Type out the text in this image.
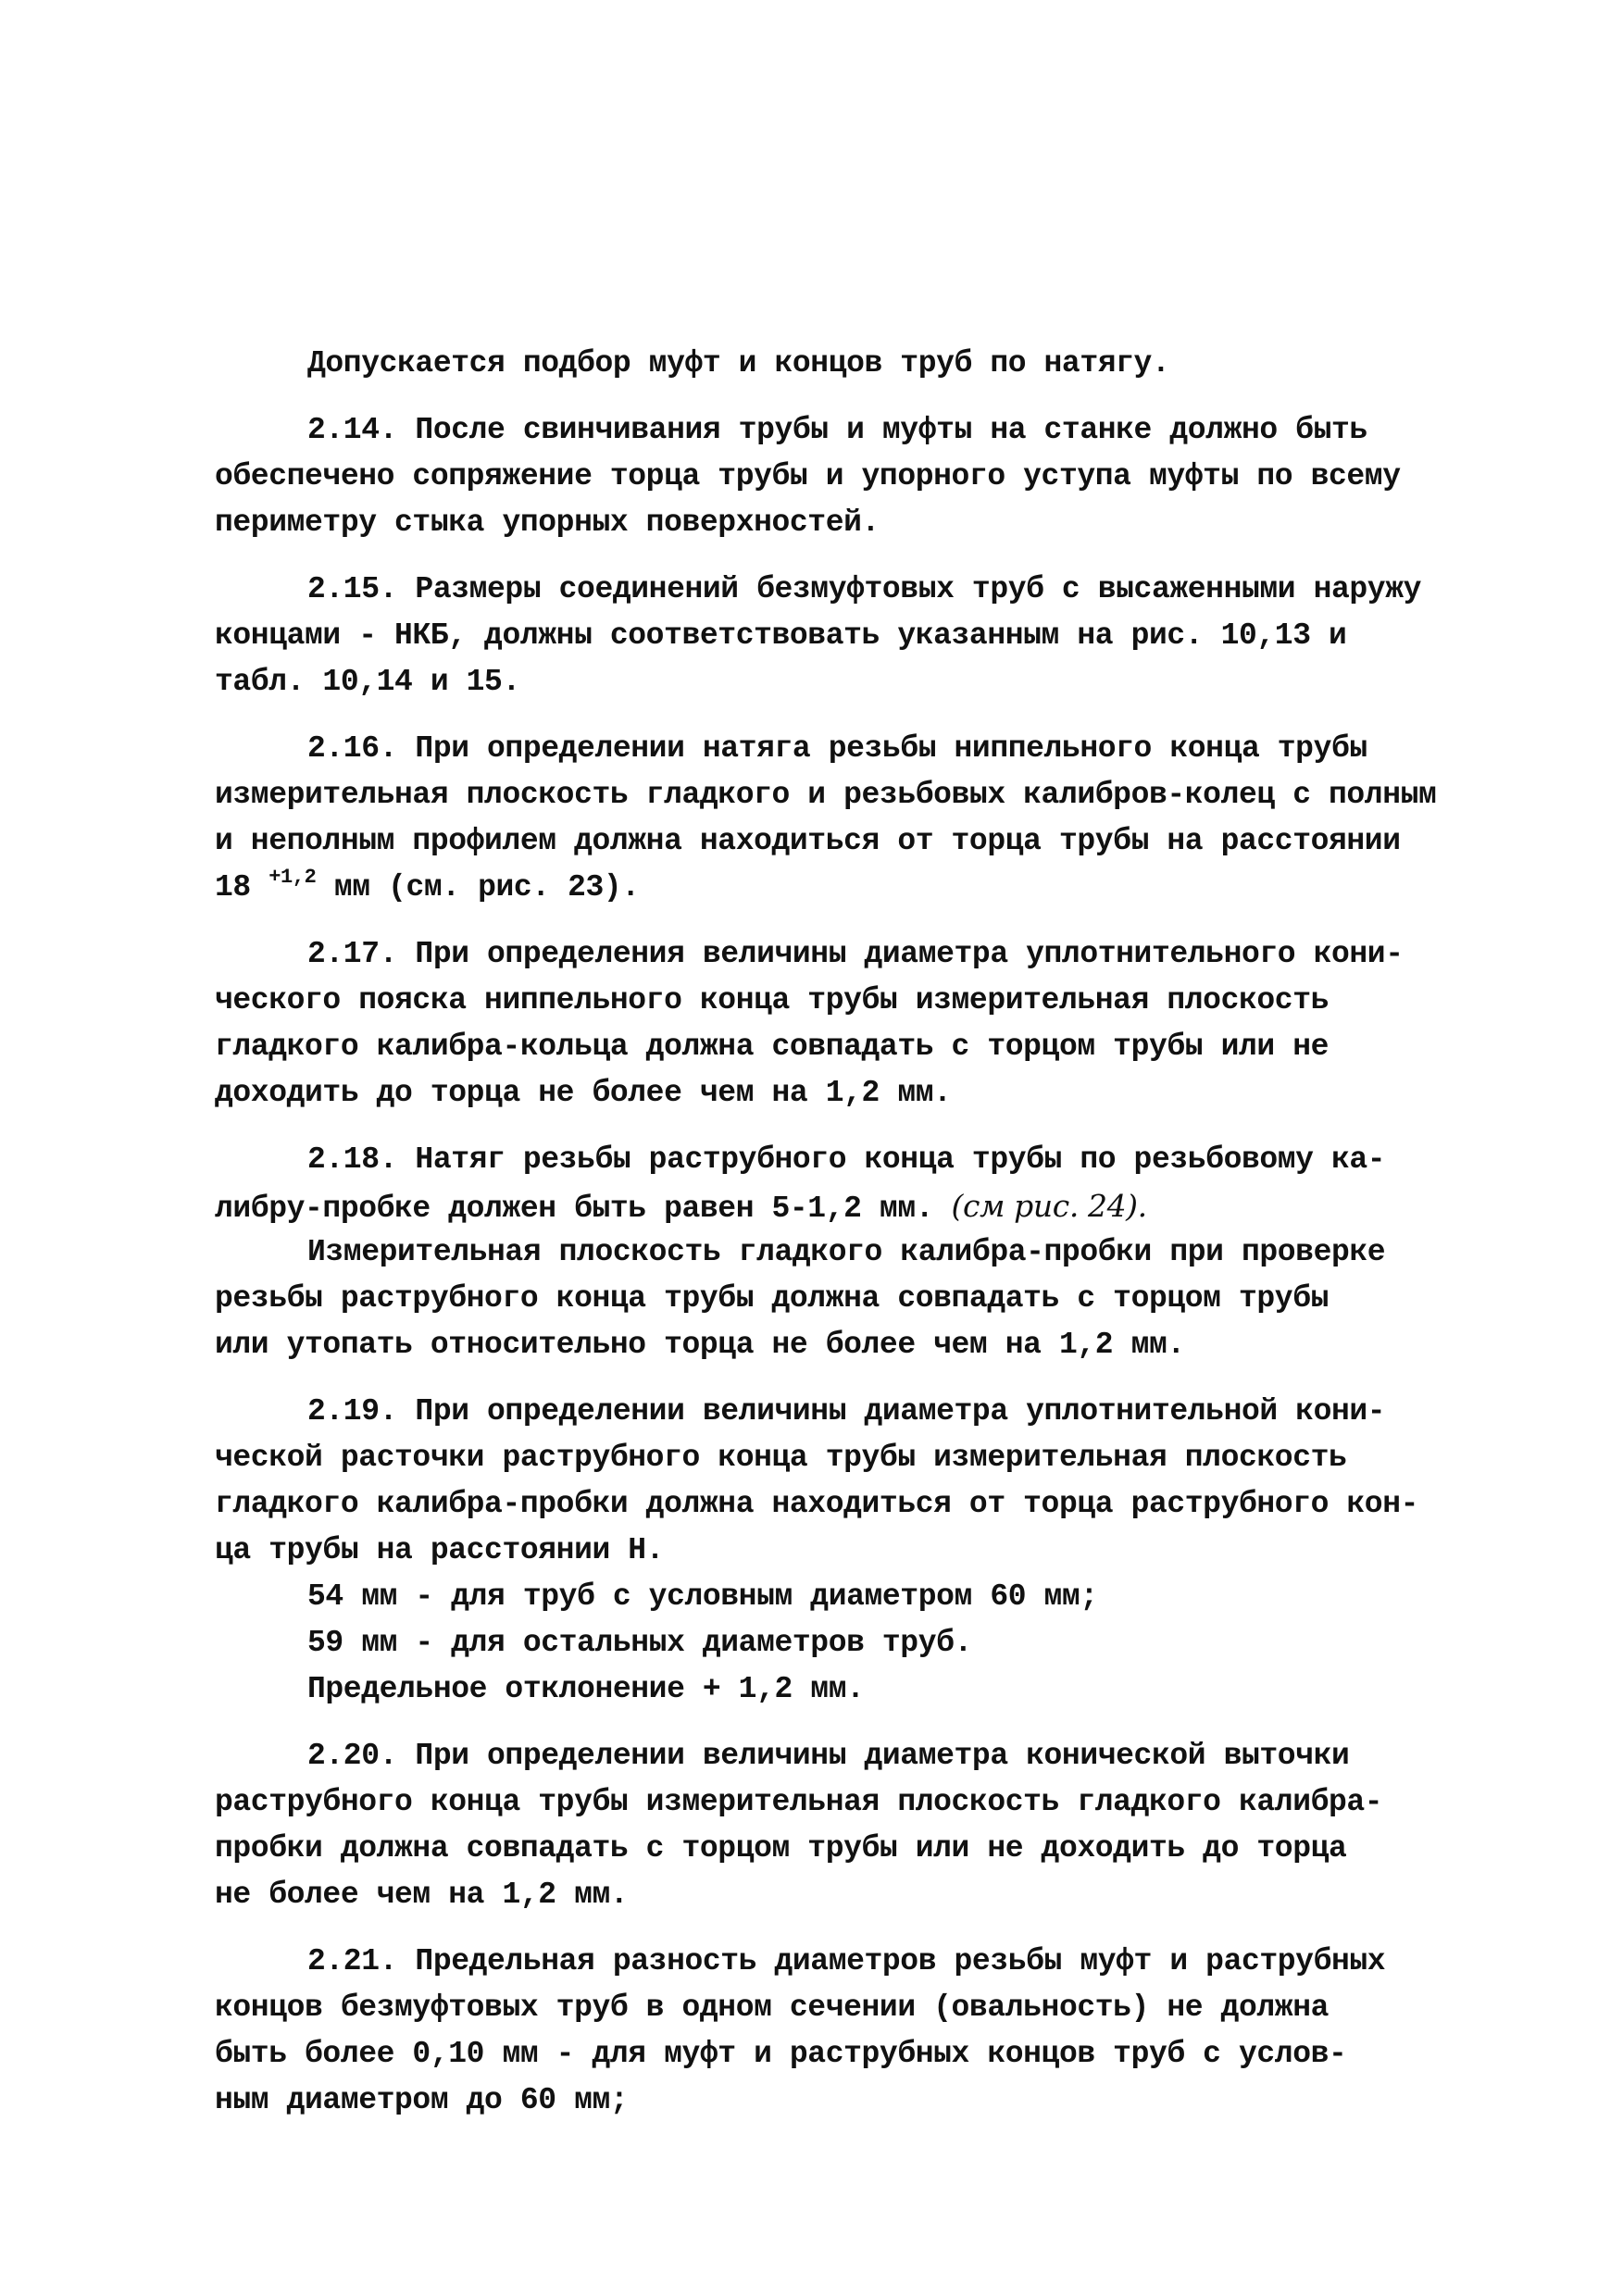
Допускается подбор муфт и концов труб по натягу.
2.14. После свинчивания трубы и муфты на станке должно быть
обеспечено сопряжение торца трубы и упорного уступа муфты по всему
периметру стыка упорных поверхностей.
2.15. Размеры соединений безмуфтовых труб с высаженными наружу
концами - НКБ, должны соответствовать указанным на рис. 10,13 и
табл. 10,14 и 15.
2.16. При определении натяга резьбы ниппельного конца трубы
измерительная плоскость гладкого и резьбовых калибров-колец с полным
и неполным профилем должна находиться от торца трубы на расстоянии
18 $^{+1,2}$ мм (см. рис. 23).
2.17. При определения величины диаметра уплотнительного кони-
ческого пояска ниппельного конца трубы измерительная плоскость
гладкого калибра-кольца должна совпадать с торцом трубы или не
доходить до торца не более чем на 1,2 мм.
2.18. Натяг резьбы раструбного конца трубы по резьбовому ка-
либру-пробке должен быть равен 5-1,2 мм. (см рис. 24).
Измерительная плоскость гладкого калибра-пробки при проверке
резьбы раструбного конца трубы должна совпадать с торцом трубы
или утопать относительно торца не более чем на 1,2 мм.
2.19. При определении величины диаметра уплотнительной кони-
ческой расточки раструбного конца трубы измерительная плоскость
гладкого калибра-пробки должна находиться от торца раструбного кон-
ца трубы на расстоянии Н.
54 мм - для труб с условным диаметром 60 мм;
59 мм - для остальных диаметров труб.
Предельное отклонение + 1,2 мм.
2.20. При определении величины диаметра конической выточки
раструбного конца трубы измерительная плоскость гладкого калибра-
пробки должна совпадать с торцом трубы или не доходить до торца
не более чем на 1,2 мм.
2.21. Предельная разность диаметров резьбы муфт и раструбных
концов безмуфтовых труб в одном сечении (овальность) не должна
быть более 0,10 мм - для муфт и раструбных концов труб с услов-
ным диаметром до 60 мм;
